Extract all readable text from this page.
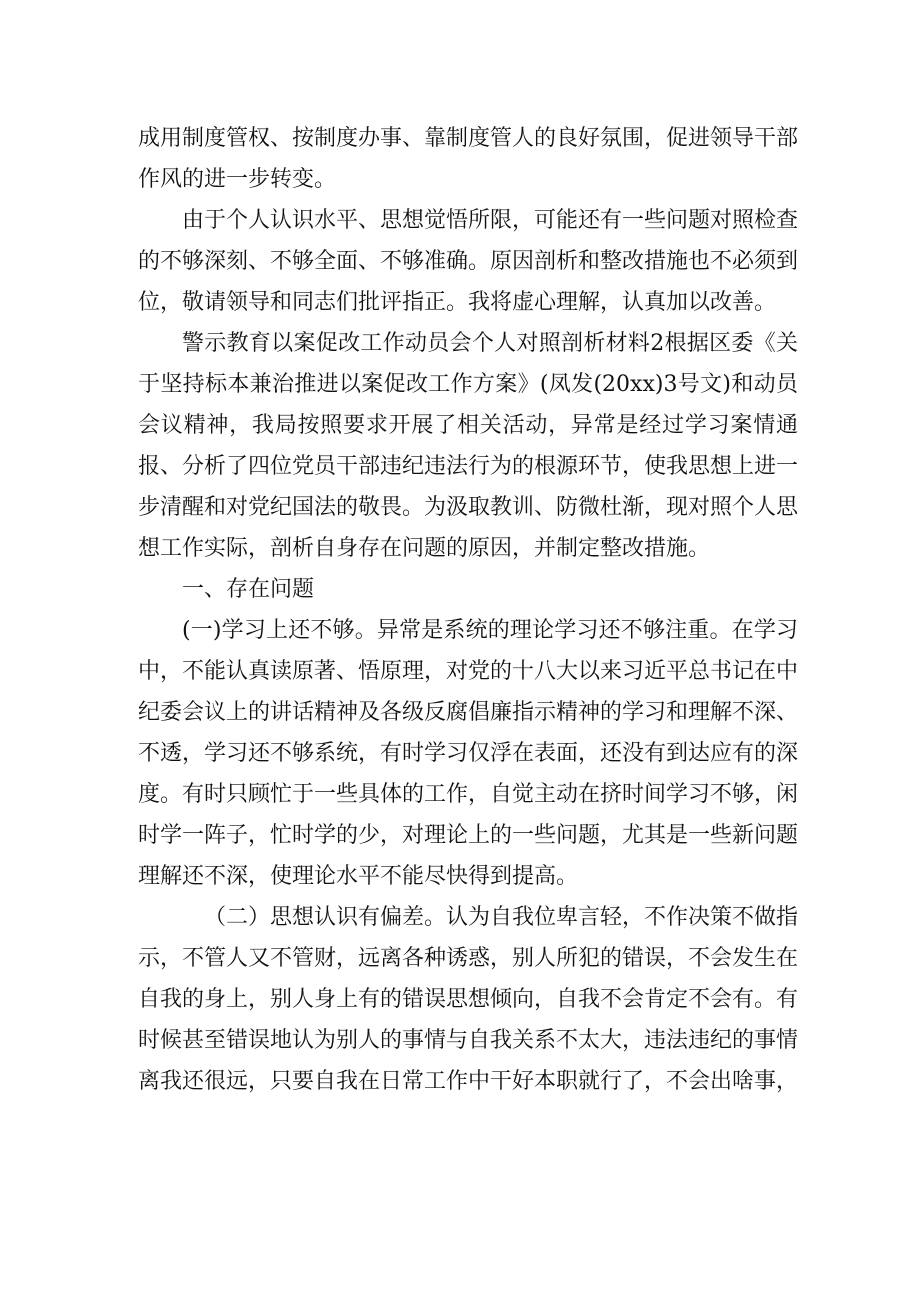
成用制度管权、按制度办事、靠制度管人的良好氛围，促进领导干部作风的进一步转变。

由于个人认识水平、思想觉悟所限，可能还有一些问题对照检查的不够深刻、不够全面、不够准确。原因剖析和整改措施也不必须到位，敬请领导和同志们批评指正。我将虚心理解，认真加以改善。

警示教育以案促改工作动员会个人对照剖析材料2根据区委《关于坚持标本兼治推进以案促改工作方案》(凤发(20xx)3号文)和动员会议精神，我局按照要求开展了相关活动，异常是经过学习案情通报、分析了四位党员干部违纪违法行为的根源环节，使我思想上进一步清醒和对党纪国法的敬畏。为汲取教训、防微杜渐，现对照个人思想工作实际，剖析自身存在问题的原因，并制定整改措施。

一、存在问题

(一)学习上还不够。异常是系统的理论学习还不够注重。在学习中，不能认真读原著、悟原理，对党的十八大以来习近平总书记在中纪委会议上的讲话精神及各级反腐倡廉指示精神的学习和理解不深、不透，学习还不够系统，有时学习仅浮在表面，还没有到达应有的深度。有时只顾忙于一些具体的工作，自觉主动在挤时间学习不够，闲时学一阵子，忙时学的少，对理论上的一些问题，尤其是一些新问题理解还不深，使理论水平不能尽快得到提高。

（二）思想认识有偏差。认为自我位卑言轻，不作决策不做指示，不管人又不管财，远离各种诱惑，别人所犯的错误，不会发生在自我的身上，别人身上有的错误思想倾向，自我不会肯定不会有。有时候甚至错误地认为别人的事情与自我关系不太大，违法违纪的事情离我还很远，只要自我在日常工作中干好本职就行了，不会出啥事，
